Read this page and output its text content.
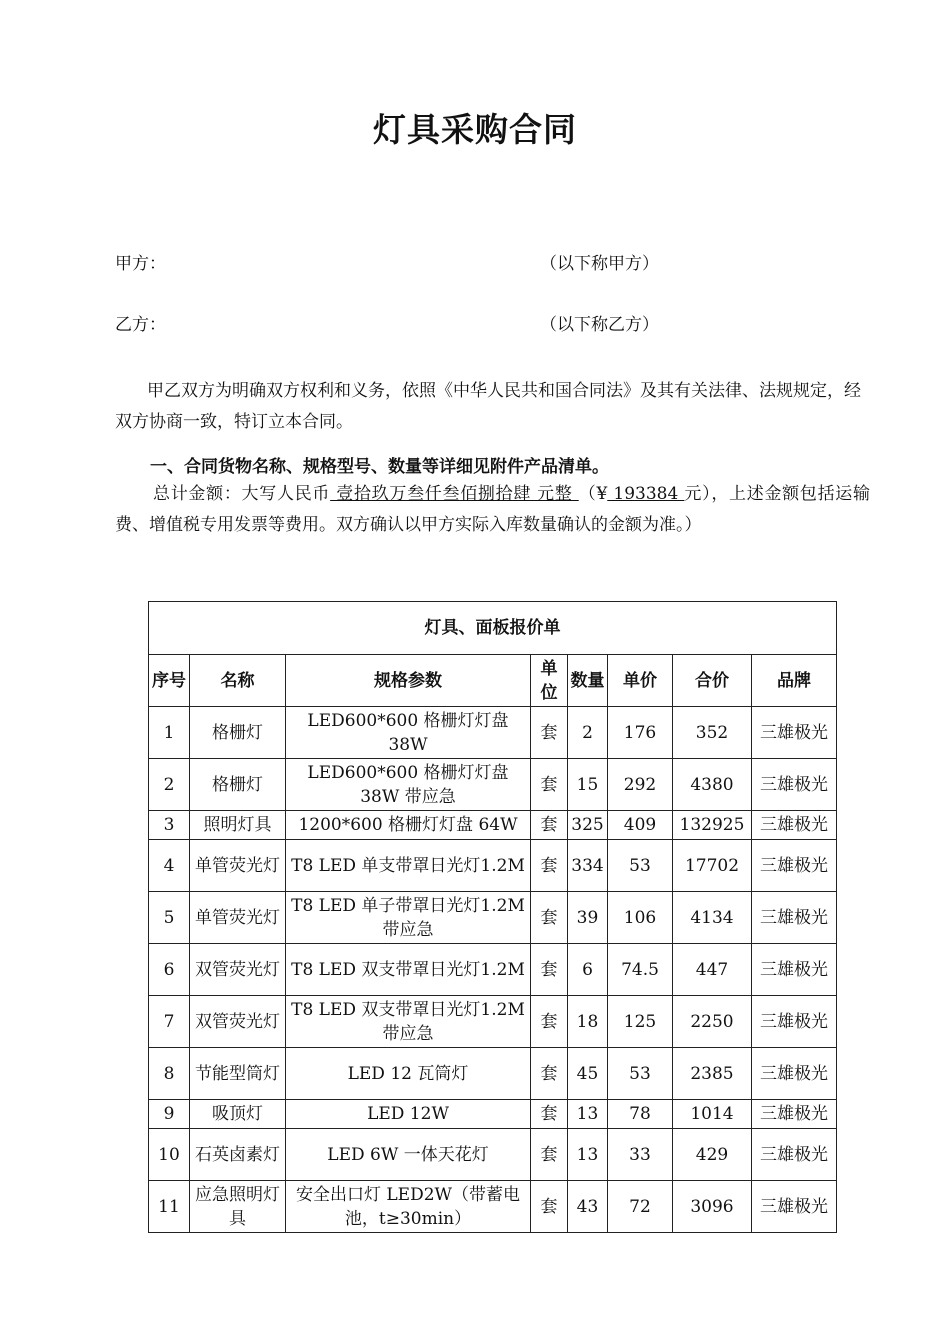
灯具采购合同
甲方：	（以下称甲方）
乙方：	（以下称乙方）
甲乙双方为明确双方权利和义务，依照《中华人民共和国合同法》及其有关法律、法规规定，经双方协商一致，特订立本合同。
一、合同货物名称、规格型号、数量等详细见附件产品清单。
总计金额：大写人民币 壹拾玖万叁仟叁佰捌拾肆 元整 （¥ 193384 元），上述金额包括运输费、增值税专用发票等费用。双方确认以甲方实际入库数量确认的金额为准。）
灯具、面板报价单							
序号	名称	规格参数	单位	数量	单价	合价	品牌
1	格栅灯	LED600*600 格栅灯灯盘38W	套	2	176	352	三雄极光
2	格栅灯	LED600*600 格栅灯灯盘38W 带应急	套	15	292	4380	三雄极光
3	照明灯具	1200*600 格栅灯灯盘 64W	套	325	409	132925	三雄极光
4	单管荧光灯	T8 LED 单支带罩日光灯1.2M	套	334	53	17702	三雄极光
5	单管荧光灯	T8 LED 单子带罩日光灯1.2M 带应急	套	39	106	4134	三雄极光
6	双管荧光灯	T8 LED 双支带罩日光灯1.2M	套	6	74.5	447	三雄极光
7	双管荧光灯	T8 LED 双支带罩日光灯1.2M 带应急	套	18	125	2250	三雄极光
8	节能型筒灯	LED 12 瓦筒灯	套	45	53	2385	三雄极光
9	吸顶灯	LED 12W	套	13	78	1014	三雄极光
10	石英卤素灯	LED 6W 一体天花灯	套	13	33	429	三雄极光
11	应急照明灯具	安全出口灯 LED2W（带蓄电池，t≥30min）	套	43	72	3096	三雄极光
